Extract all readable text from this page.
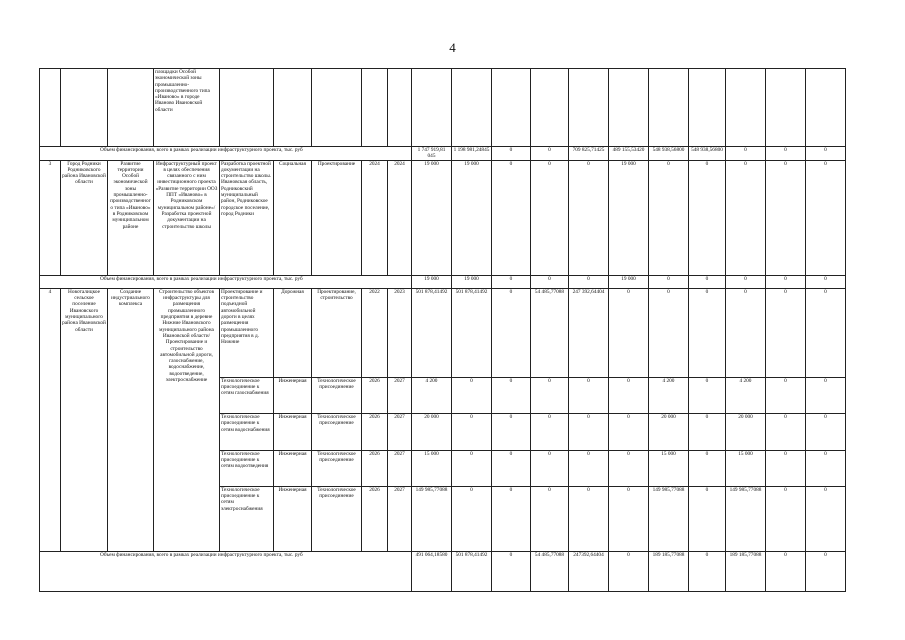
4
			площадки Особой экономической зоны промышленно-производственного типа «Иваново» в городе Иваново Ивановской области																
Объем финансирования, всего в рамках реализации инфраструктурного проекта, тыс. руб									1 747 919,81 045	1 198 981,24845	0	0	709 825,71425	489 155,53420	548 938,56800	548 938,56800	0	0	0
3	Город Родники Родниковского района Ивановской области	Развитие территории Особой экономической зоны промышленно-производственного типа «Иваново» в Родниковском муниципальном районе	Инфраструктурный проект в целях обеспечения связанного с ним инвестиционного проекта «Развитие территории ООЗ ППТ «Иваново» в Родниковском муниципальном районе»/Разработка проектной документации на строительство школы	Разработка проектной документации на строительство школы. Ивановская область, Родниковский муниципальный район, Родниковское городское поселение, город Родники	Социальная	Проектирование	2024	2024	19 000	19 000	0	0	0	19 000	0	0	0	0	0
Объем финансирования, всего в рамках реализации инфраструктурного проекта, тыс. руб									19 000	19 000	0	0	0	19 000	0	0	0	0	0
4	Новоталицкое сельское поселение Ивановского муниципального района Ивановской области	Создание индустриального комплекса	Строительство объектов инфраструктуры для размещения промышленного предприятия в деревне Нижние Ивановского муниципального района Ивановской области/Проектирование и строительство автомобильной дороги, газоснабжение, водоснабжение, водоотведение, электроснабжение	Проектирование и строительство подъездной автомобильной дороги в целях размещения промышленного предприятия в д. Нижние	Дорожная	Проектирование, строительство	2022	2023	501 878,41492	501 878,41492	0	54 485,77088	247 392,64404	0	0	0	0	0	0
				Технологическое присоединение к сетям газоснабжения	Инженерная	Технологическое присоединение	2026	2027	4 200	0	0	0	0	0	4 200	0	4 200	0	0
				Технологическое присоединение к сетям водоснабжения	Инженерная	Технологическое присоединение	2026	2027	20 000	0	0	0	0	0	20 000	0	20 000	0	0
				Технологическое присоединение к сетям водоотведения	Инженерная	Технологическое присоединение	2026	2027	15 000	0	0	0	0	0	15 000	0	15 000	0	0
				Технологическое присоединение к сетям электроснабжения	Инженерная	Технологическое присоединение	2026	2027	149 985,77088	0	0	0	0	0	149 985,77088	0	149 985,77088	0	0
Объем финансирования, всего в рамках реализации инфраструктурного проекта, тыс. руб									491 064,18580	501 878,41492	0	54 485,77088	247392,64404	0	189 185,77088	0	189 185,77088	0	0
